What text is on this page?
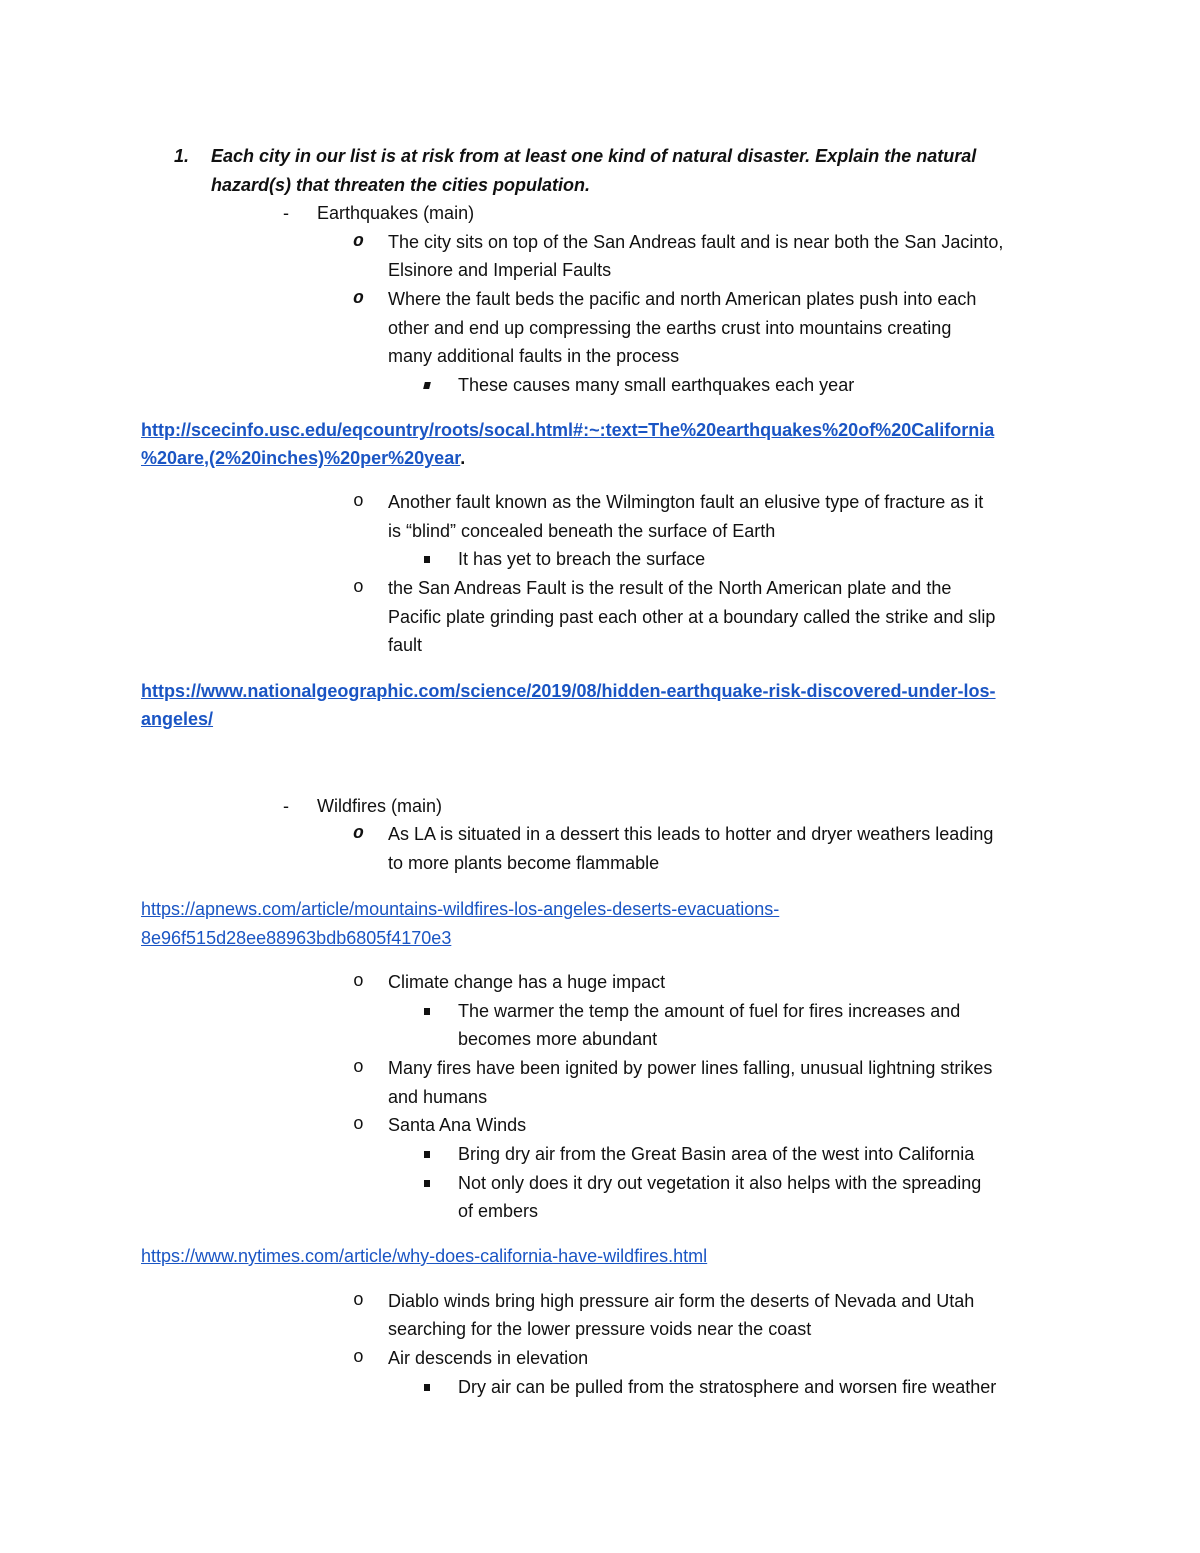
1. Each city in our list is at risk from at least one kind of natural disaster. Explain the natural
hazard(s) that threaten the cities population.
- Earthquakes (main)
o The city sits on top of the San Andreas fault and is near both the San Jacinto,
Elsinore and Imperial Faults
o Where the fault beds the pacific and north American plates push into each
other and end up compressing the earths crust into mountains creating
many additional faults in the process
These causes many small earthquakes each year
http://scecinfo.usc.edu/eqcountry/roots/socal.html#:~:text=The%20earthquakes%20of%20California
%20are,(2%20inches)%20per%20year.
o Another fault known as the Wilmington fault an elusive type of fracture as it
is “blind” concealed beneath the surface of Earth
It has yet to breach the surface
o the San Andreas Fault is the result of the North American plate and the
Pacific plate grinding past each other at a boundary called the strike and slip
fault
https://www.nationalgeographic.com/science/2019/08/hidden-earthquake-risk-discovered-under-los-
angeles/
- Wildfires (main)
o As LA is situated in a dessert this leads to hotter and dryer weathers leading
to more plants become flammable
https://apnews.com/article/mountains-wildfires-los-angeles-deserts-evacuations-
8e96f515d28ee88963bdb6805f4170e3
o Climate change has a huge impact
The warmer the temp the amount of fuel for fires increases and
becomes more abundant
o Many fires have been ignited by power lines falling, unusual lightning strikes
and humans
o Santa Ana Winds
Bring dry air from the Great Basin area of the west into California
Not only does it dry out vegetation it also helps with the spreading
of embers
https://www.nytimes.com/article/why-does-california-have-wildfires.html
o Diablo winds bring high pressure air form the deserts of Nevada and Utah
searching for the lower pressure voids near the coast
o Air descends in elevation
Dry air can be pulled from the stratosphere and worsen fire weather
